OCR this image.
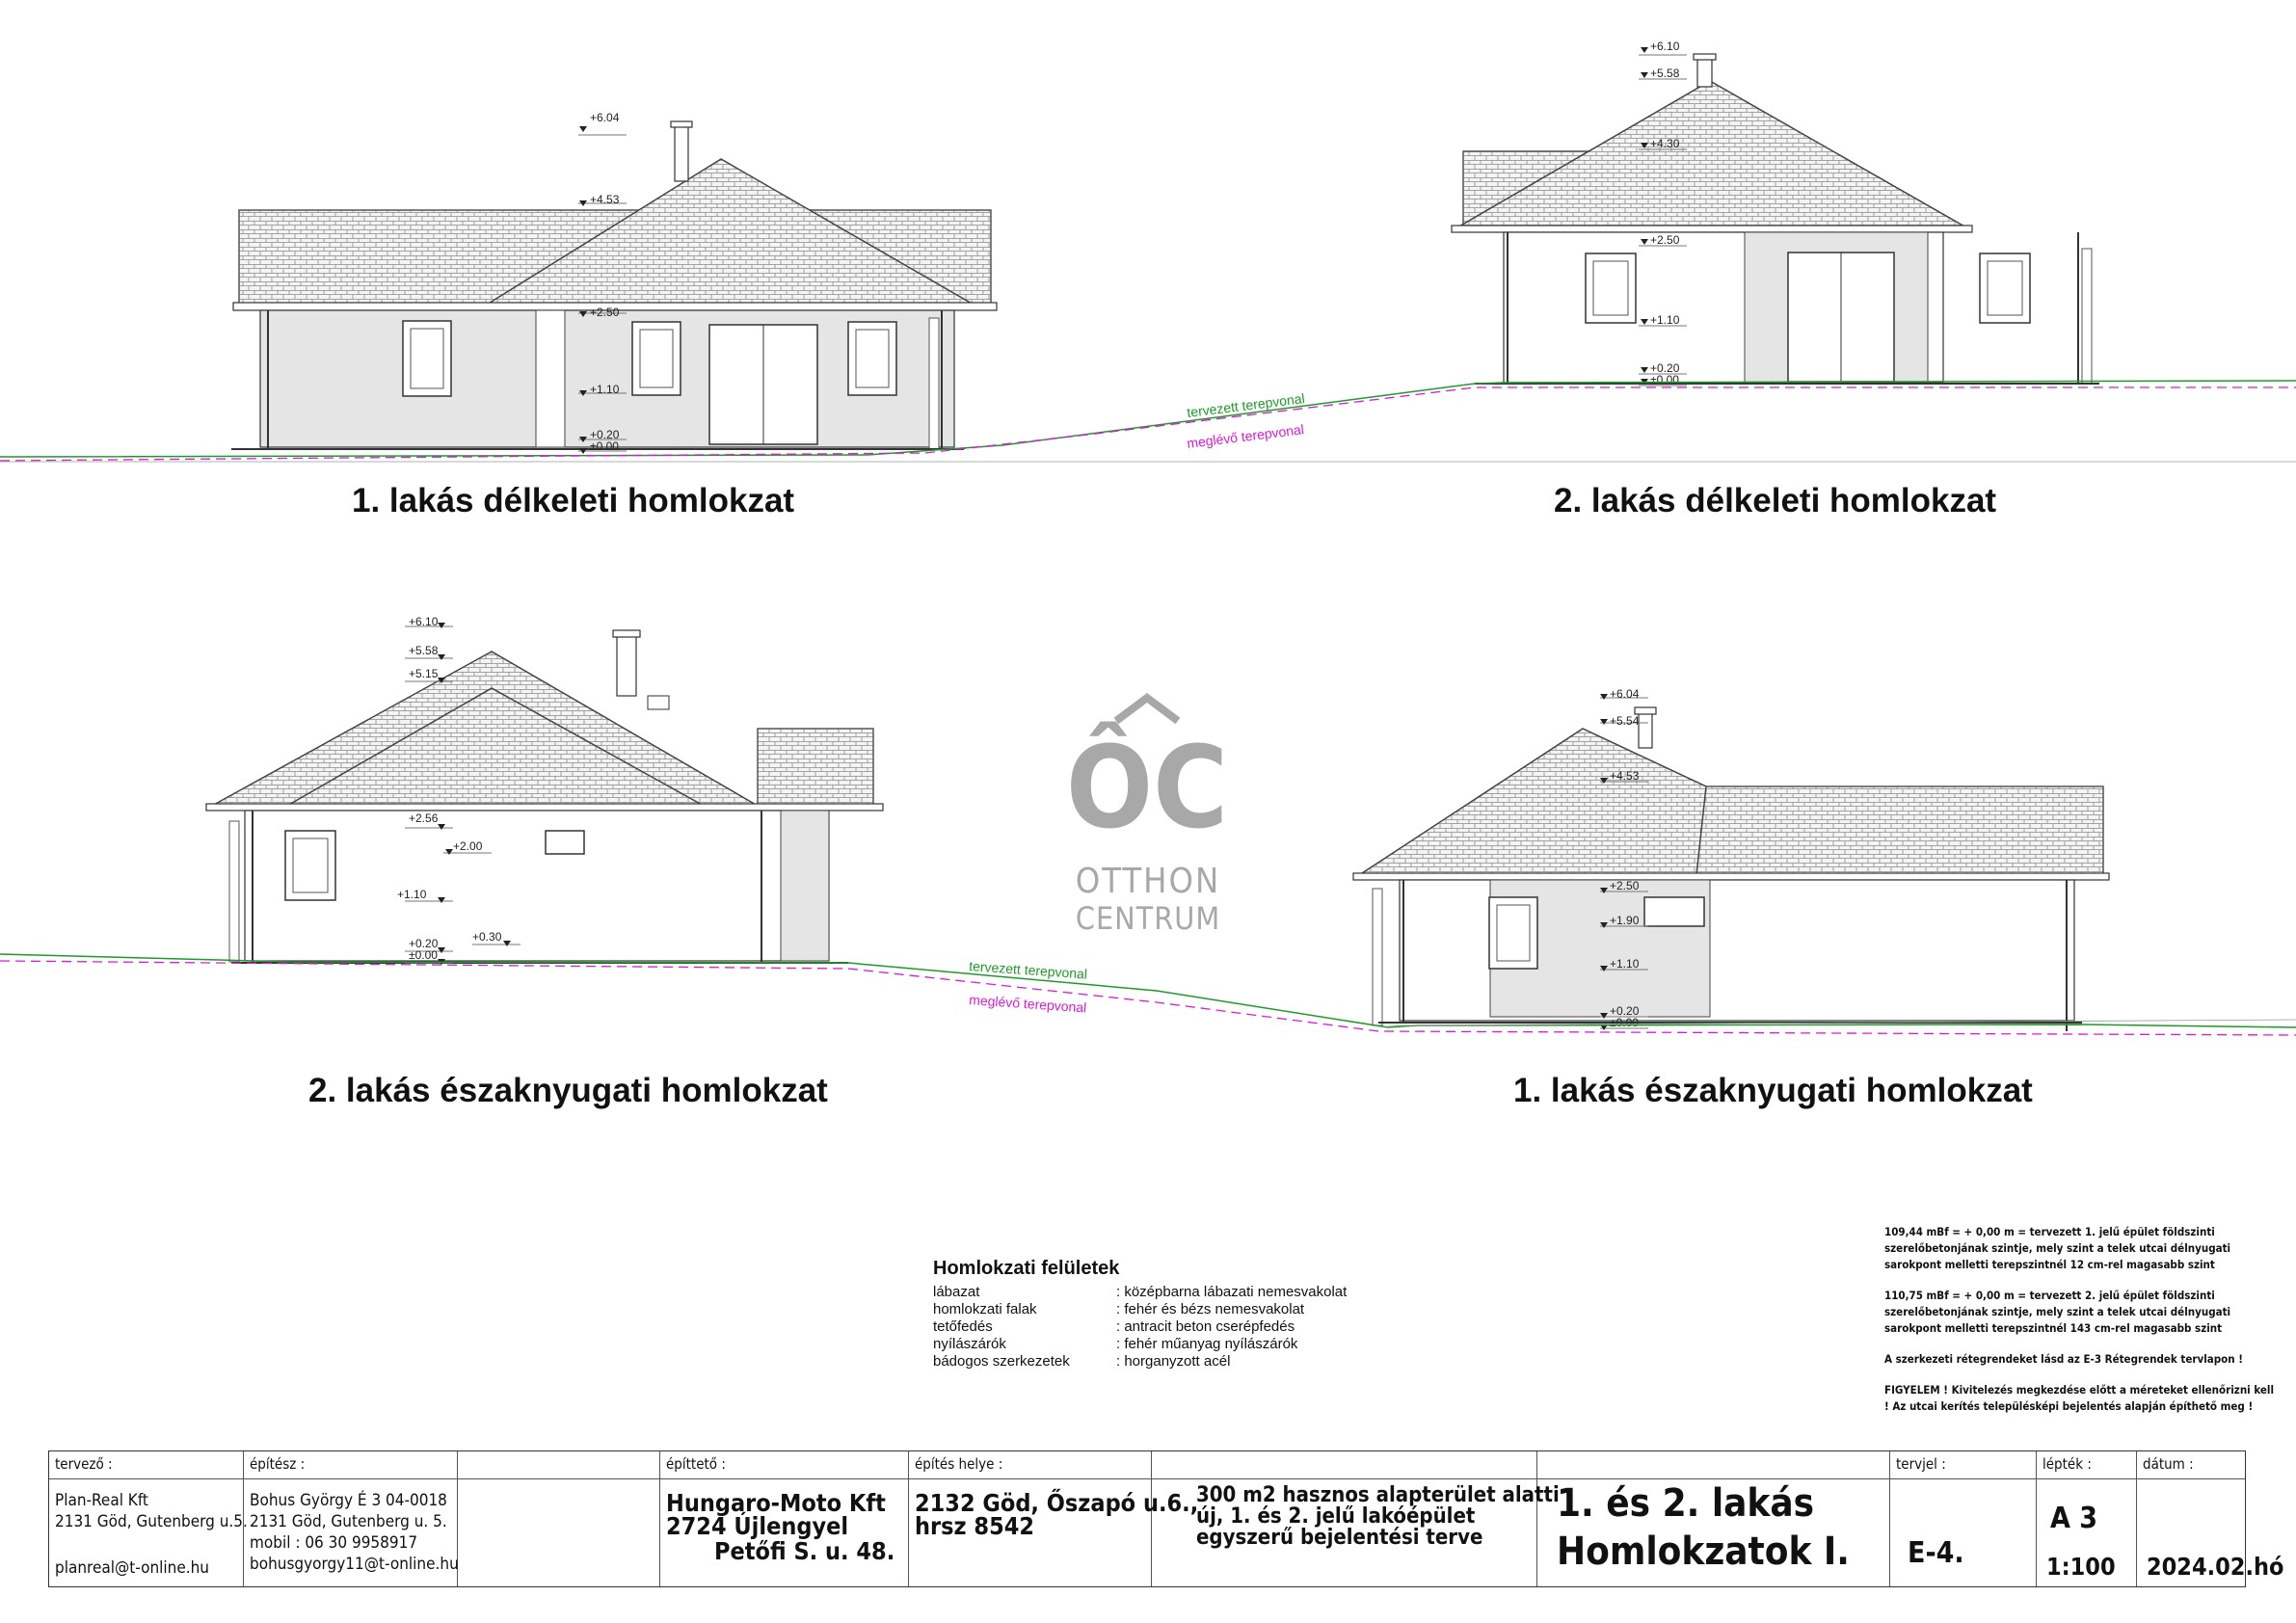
+6.04
+4.53
+2.50
+1.10
+0.20
±0.00
+6.10
+5.58
+4.30
+2.50
+1.10
+0.20
±0.00
tervezett terepvonal
meglévő terepvonal
+6.10
+5.58
+5.15
+2.56
+2.00
+1.10
+0.20
±0.00
+0.30
+6.04
+5.54
+4.53
+2.50
+1.90
+1.10
+0.20
±0.00
tervezett terepvonal
meglévő terepvonal
ÔC
OTTHON
CENTRUM
1. lakás délkeleti homlokzat	2. lakás délkeleti homlokzat
2. lakás északnyugati homlokzat	1. lakás északnyugati homlokzat
Homlokzati felületek
lábazat	: középbarna lábazati nemesvakolat
homlokzati falak	: fehér és bézs nemesvakolat
tetőfedés	: antracit beton cserépfedés
nyílászárók	: fehér műanyag nyílászárók
bádogos szerkezetek	: horganyzott acél

109,44 mBf = + 0,00 m = tervezett 1. jelű épület földszinti szerelőbetonjának szintje, mely szint a telek utcai délnyugati sarokpont melletti terepszintnél 12 cm-rel magasabb szint

110,75 mBf = + 0,00 m = tervezett 2. jelű épület földszinti szerelőbetonjának szintje, mely szint a telek utcai délnyugati sarokpont melletti terepszintnél 143 cm-rel magasabb szint

A szerkezeti rétegrendeket lásd az E-3 Rétegrendek tervlapon !

FIGYELEM ! Kivitelezés megkezdése előtt a méreteket ellenőrizni kell ! Az utcai kerítés településképi bejelentés alapján építhető meg !

tervező :
Plan-Real Kft
2131 Göd, Gutenberg u.5.
planreal@t-online.hu
építész :
Bohus György É 3 04-0018
2131 Göd, Gutenberg u. 5.
mobil : 06 30 9958917
bohusgyorgy11@t-online.hu
építtető :
Hungaro-Moto Kft
2724 Újlengyel
Petőfi S. u. 48.
építés helye :
2132 Göd, Őszapó u.6.,
hrsz 8542
300 m2 hasznos alapterület alatti
új, 1. és 2. jelű lakóépület
egyszerű bejelentési terve
1. és 2. lakás
Homlokzatok I.
tervjel :
E-4.
lépték :
A 3
1:100
dátum :
2024.02.hó
